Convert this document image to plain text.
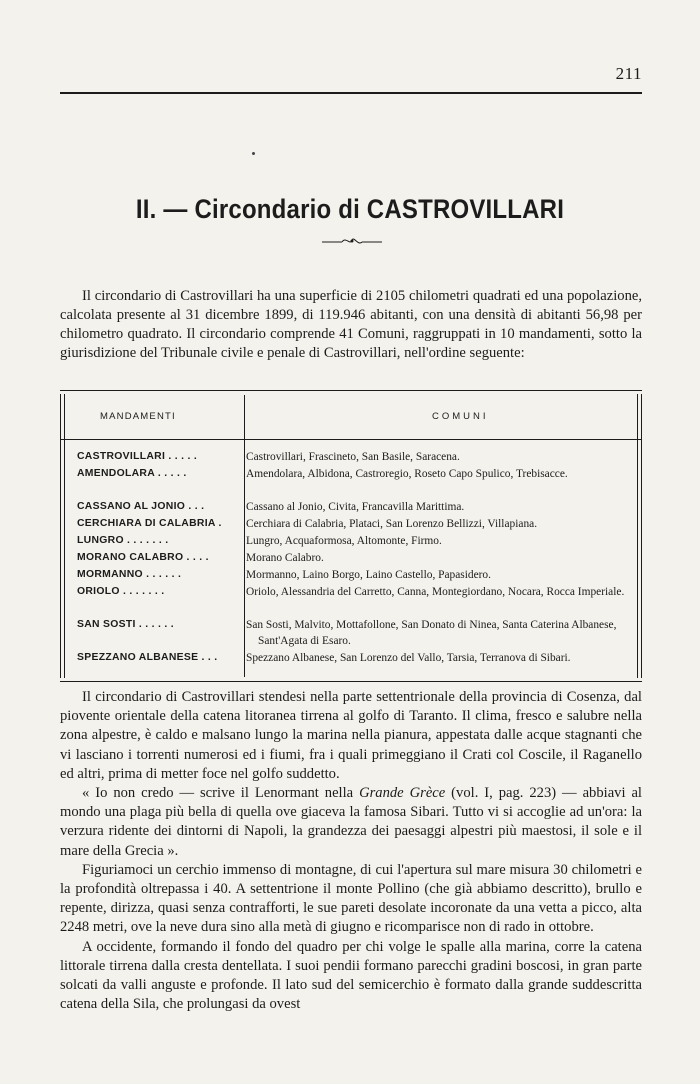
211
II. — Circondario di CASTROVILLARI

Il circondario di Castrovillari ha una superficie di 2105 chilometri quadrati ed una popolazione, calcolata presente al 31 dicembre 1899, di 119.946 abitanti, con una densità di abitanti 56,98 per chilometro quadrato. Il circondario comprende 41 Comuni, raggruppati in 10 mandamenti, sotto la giurisdizione del Tribunale civile e penale di Castrovillari, nell'ordine seguente:

MANDAMENTI	COMUNI
CASTROVILLARI . . . . .	Castrovillari, Frascineto, San Basile, Saracena.
AMENDOLARA . . . . .	Amendolara, Albidona, Castroregio, Roseto Capo Spulico, Trebisacce.
CASSANO AL JONIO . . .	Cassano al Jonio, Civita, Francavilla Marittima.
CERCHIARA DI CALABRIA .	Cerchiara di Calabria, Plataci, San Lorenzo Bellizzi, Villapiana.
LUNGRO . . . . . . .	Lungro, Acquaformosa, Altomonte, Firmo.
MORANO CALABRO . . . .	Morano Calabro.
MORMANNO . . . . . .	Mormanno, Laino Borgo, Laino Castello, Papasidero.
ORIOLO . . . . . . .	Oriolo, Alessandria del Carretto, Canna, Montegiordano, Nocara, Rocca Imperiale.
SAN SOSTI . . . . . .	San Sosti, Malvito, Mottafollone, San Donato di Ninea, Santa Caterina Albanese, Sant'Agata di Esaro.
SPEZZANO ALBANESE . . .	Spezzano Albanese, San Lorenzo del Vallo, Tarsia, Terranova di Sibari.

Il circondario di Castrovillari stendesi nella parte settentrionale della provincia di Cosenza, dal piovente orientale della catena litoranea tirrena al golfo di Taranto. Il clima, fresco e salubre nella zona alpestre, è caldo e malsano lungo la marina nella pianura, appestata dalle acque stagnanti che vi lasciano i torrenti numerosi ed i fiumi, fra i quali primeggiano il Crati col Coscile, il Raganello ed altri, prima di metter foce nel golfo suddetto.

« Io non credo — scrive il Lenormant nella Grande Grèce (vol. I, pag. 223) — abbiavi al mondo una plaga più bella di quella ove giaceva la famosa Sibari. Tutto vi si accoglie ad un'ora: la verzura ridente dei dintorni di Napoli, la grandezza dei paesaggi alpestri più maestosi, il sole e il mare della Grecia ».

Figuriamoci un cerchio immenso di montagne, di cui l'apertura sul mare misura 30 chilometri e la profondità oltrepassa i 40. A settentrione il monte Pollino (che già abbiamo descritto), brullo e repente, dirizza, quasi senza contrafforti, le sue pareti desolate incoronate da una vetta a picco, alta 2248 metri, ove la neve dura sino alla metà di giugno e ricomparisce non di rado in ottobre.

A occidente, formando il fondo del quadro per chi volge le spalle alla marina, corre la catena littorale tirrena dalla cresta dentellata. I suoi pendii formano parecchi gradini boscosi, in gran parte solcati da valli anguste e profonde. Il lato sud del semicerchio è formato dalla grande suddescritta catena della Sila, che prolungasi da ovest
